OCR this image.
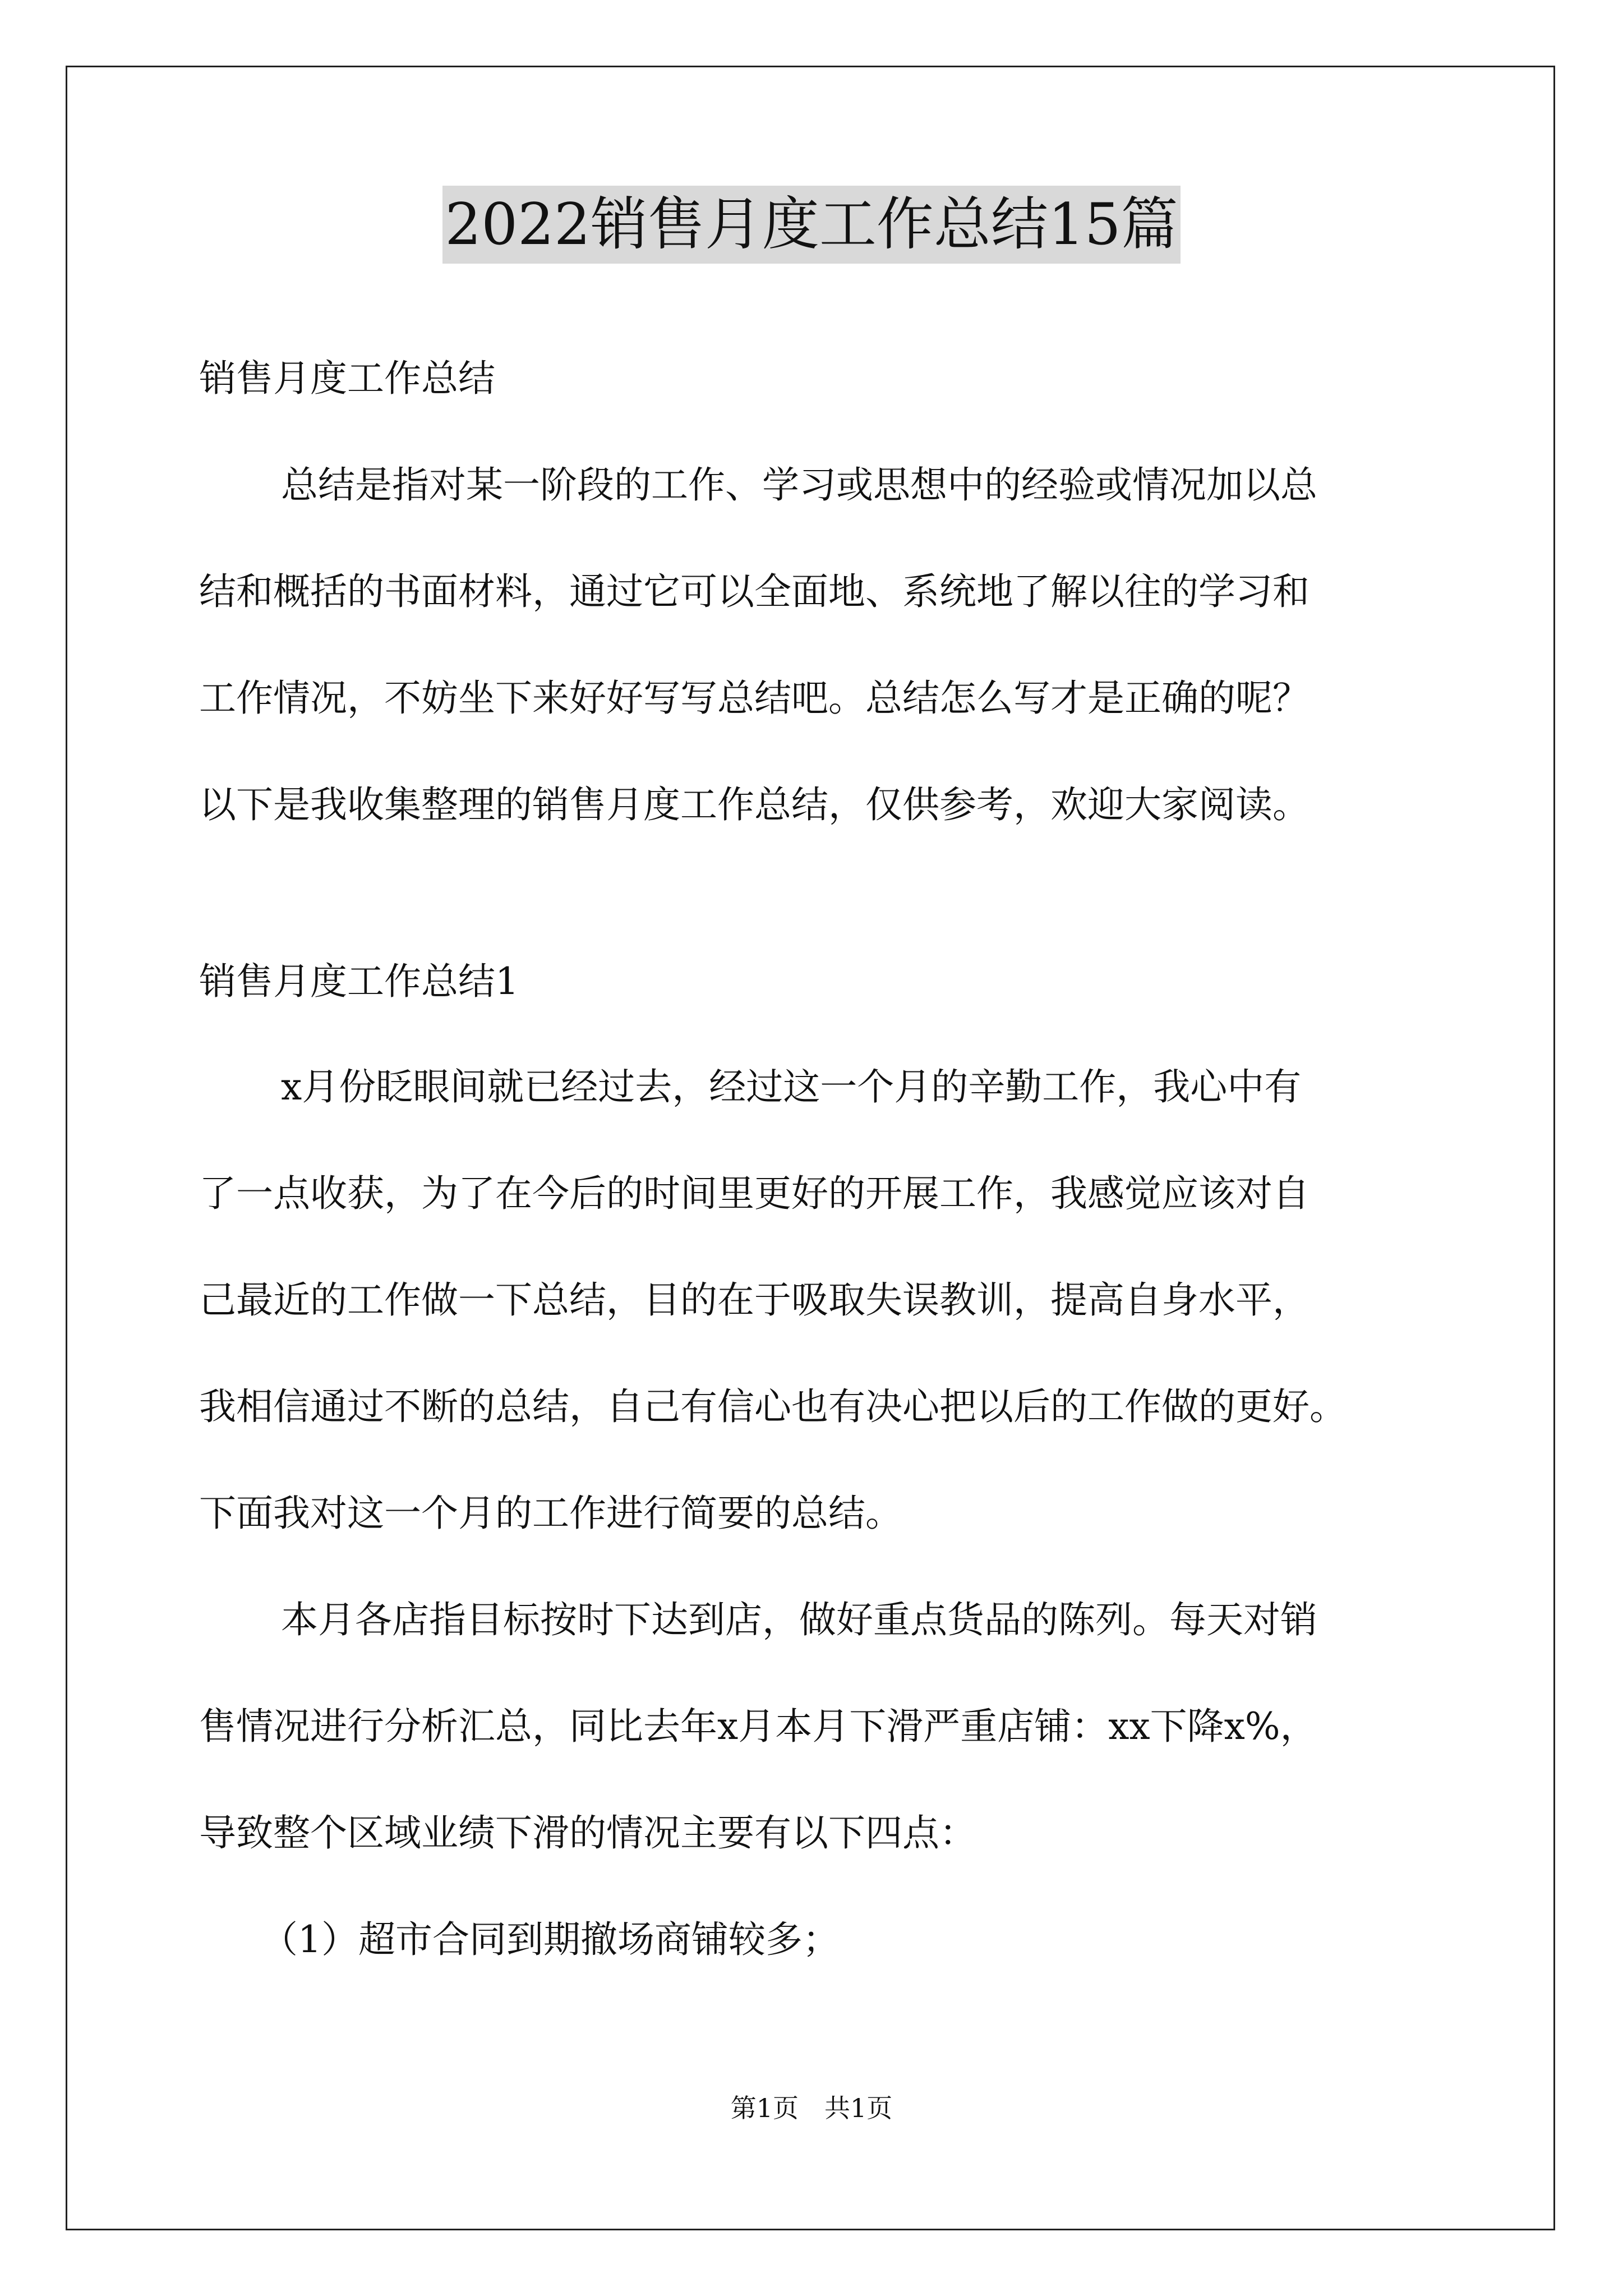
2022销售月度工作总结15篇

销售月度工作总结

总结是指对某一阶段的工作、学习或思想中的经验或情况加以总
结和概括的书面材料，通过它可以全面地、系统地了解以往的学习和
工作情况，不妨坐下来好好写写总结吧。总结怎么写才是正确的呢？
以下是我收集整理的销售月度工作总结，仅供参考，欢迎大家阅读。

销售月度工作总结1

x月份眨眼间就已经过去，经过这一个月的辛勤工作，我心中有
了一点收获，为了在今后的时间里更好的开展工作，我感觉应该对自
己最近的工作做一下总结，目的在于吸取失误教训，提高自身水平，
我相信通过不断的总结，自己有信心也有决心把以后的工作做的更好。
下面我对这一个月的工作进行简要的总结。

本月各店指目标按时下达到店，做好重点货品的陈列。每天对销
售情况进行分析汇总，同比去年x月本月下滑严重店铺：xx下降x%，
导致整个区域业绩下滑的情况主要有以下四点：

（1）超市合同到期撤场商铺较多；

第1页　共1页
